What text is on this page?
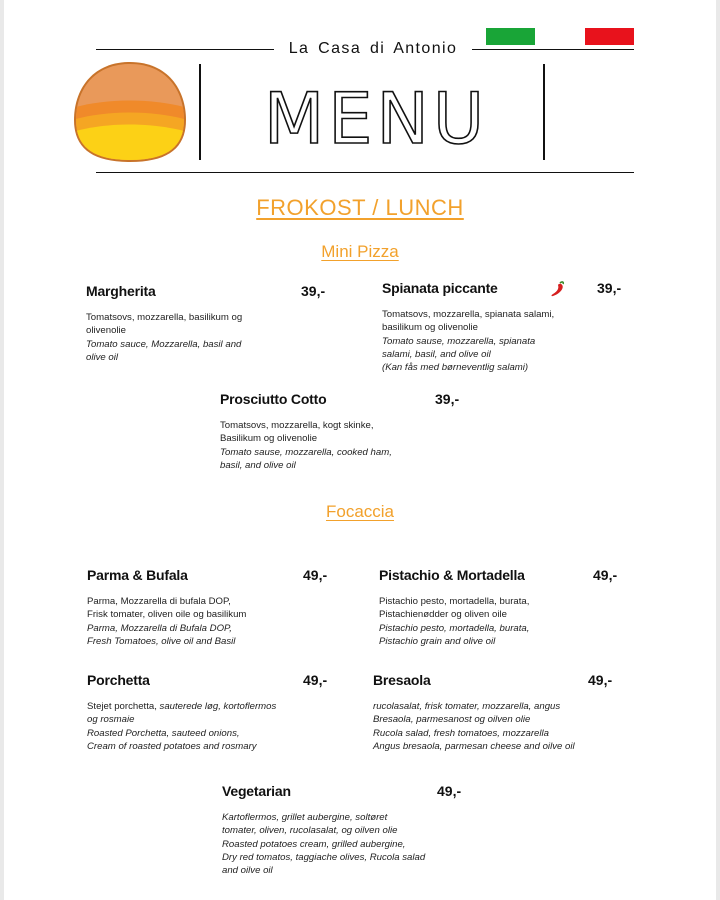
La Casa di Antonio
MENU
FROKOST / LUNCH
Mini Pizza
Margherita	39,-
Tomatsovs, mozzarella, basilikum og
olivenolie
Tomato sauce, Mozzarella, basil and
olive oil
Spianata piccante	39,-
Tomatsovs, mozzarella, spianata salami,
basilikum og olivenolie
Tomato sause, mozzarella, spianata
salami, basil, and olive oil
(Kan fås med børneventlig salami)
Prosciutto Cotto	39,-
Tomatsovs, mozzarella, kogt skinke,
Basilikum og olivenolie
Tomato sause, mozzarella, cooked ham,
basil, and olive oil
Focaccia
Parma & Bufala	49,-
Parma, Mozzarella di bufala DOP,
Frisk tomater, oliven oile og basilikum
Parma, Mozzarella di Bufala DOP,
Fresh Tomatoes, olive oil and Basil
Pistachio & Mortadella	49,-
Pistachio pesto, mortadella, burata,
Pistachienødder og oliven oile
Pistachio pesto, mortadella, burata,
Pistachio grain and olive oil
Porchetta	49,-
Stejet porchetta, sauterede løg, kortoflermos
og rosmaie
Roasted Porchetta, sauteed onions,
Cream of roasted potatoes and rosmary
Bresaola	49,-
rucolasalat, frisk tomater, mozzarella, angus
Bresaola, parmesanost og oilven olie
Rucola salad, fresh tomatoes, mozzarella
Angus bresaola, parmesan cheese and oilve oil
Vegetarian	49,-
Kartoflermos, grillet aubergine, soltøret
tomater, oliven, rucolasalat, og oilven olie
Roasted potatoes cream, grilled aubergine,
Dry red tomatos, taggiache olives, Rucola salad
and oilve oil
